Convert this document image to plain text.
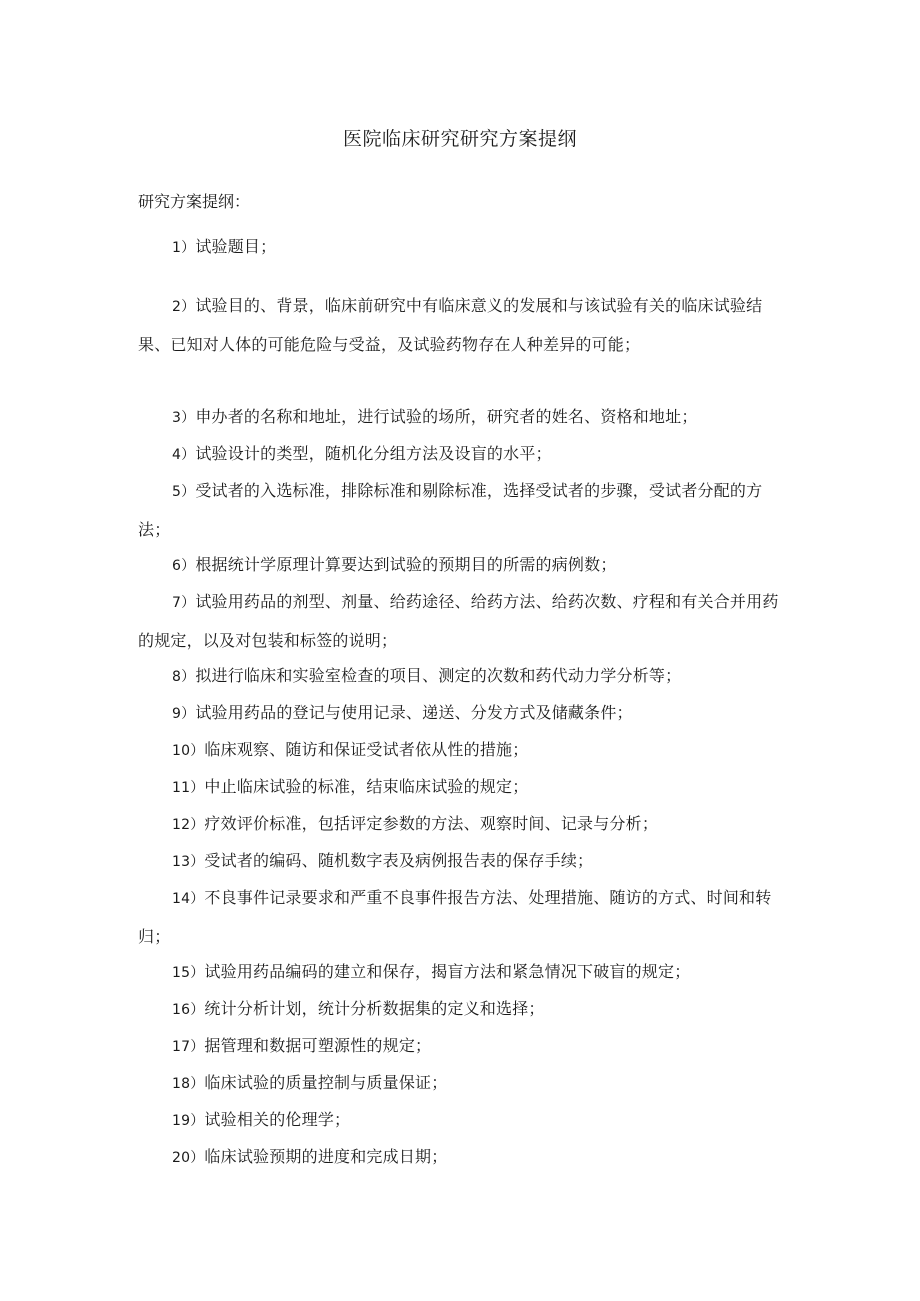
医院临床研究研究方案提纲

研究方案提纲：

1）试验题目；

2）试验目的、背景，临床前研究中有临床意义的发展和与该试验有关的临床试验结果、已知对人体的可能危险与受益，及试验药物存在人种差异的可能；

3）申办者的名称和地址，进行试验的场所，研究者的姓名、资格和地址；

4）试验设计的类型，随机化分组方法及设盲的水平；

5）受试者的入选标准，排除标准和剔除标准，选择受试者的步骤，受试者分配的方法；

6）根据统计学原理计算要达到试验的预期目的所需的病例数；

7）试验用药品的剂型、剂量、给药途径、给药方法、给药次数、疗程和有关合并用药的规定，以及对包装和标签的说明；

8）拟进行临床和实验室检查的项目、测定的次数和药代动力学分析等；

9）试验用药品的登记与使用记录、递送、分发方式及储藏条件；

10）临床观察、随访和保证受试者依从性的措施；

11）中止临床试验的标准，结束临床试验的规定；

12）疗效评价标准，包括评定参数的方法、观察时间、记录与分析；

13）受试者的编码、随机数字表及病例报告表的保存手续；

14）不良事件记录要求和严重不良事件报告方法、处理措施、随访的方式、时间和转归；

15）试验用药品编码的建立和保存，揭盲方法和紧急情况下破盲的规定；

16）统计分析计划，统计分析数据集的定义和选择；

17）据管理和数据可塑源性的规定；

18）临床试验的质量控制与质量保证；

19）试验相关的伦理学；

20）临床试验预期的进度和完成日期；
